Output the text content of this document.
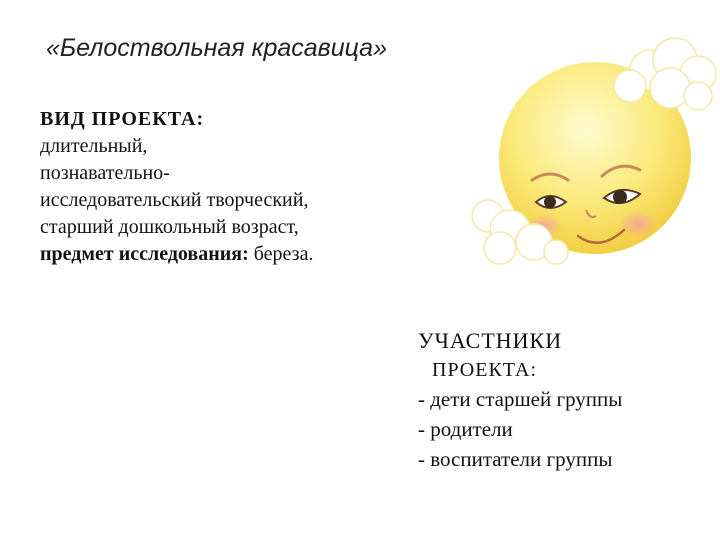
«Белоствольная красавица»
ВИД ПРОЕКТА:
длительный,
познавательно-
исследовательский творческий,
старший дошкольный возраст,
предмет исследования: береза.
УЧАСТНИКИ
ПРОЕКТА:
- дети старшей группы
- родители
- воспитатели группы
